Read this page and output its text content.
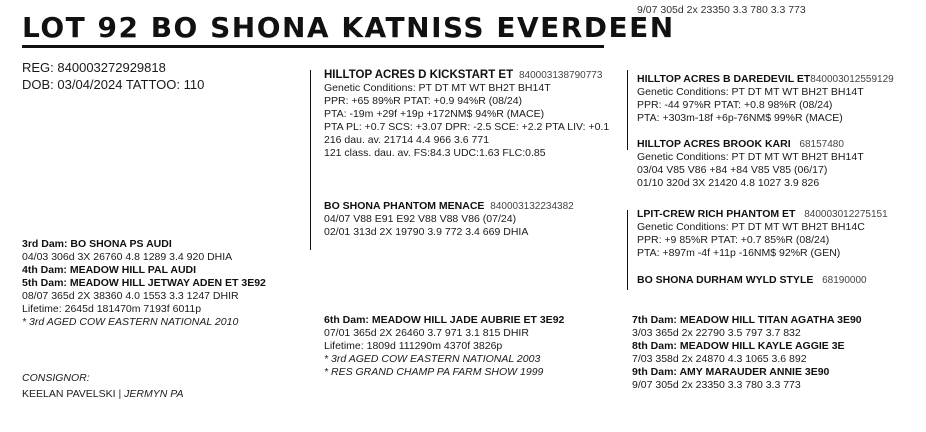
9/07 305d 2x 23350 3.3 780 3.3 773
LOT 92 BO SHONA KATNISS EVERDEEN
REG: 840003272929818
DOB: 03/04/2024 TATTOO: 110
HILLTOP ACRES D KICKSTART ET 840003138790773
Genetic Conditions: PT DT MT WT BH2T BH14T
PPR: +65 89%R PTAT: +0.9 94%R (08/24)
PTA: -19m +29f +19p +172NM$ 94%R (MACE)
PTA PL: +0.7 SCS: +3.07 DPR: -2.5 SCE: +2.2 PTA LIV: +0.1
216 dau. av. 21714 4.4 966 3.6 771
121 class. dau. av. FS:84.3 UDC:1.63 FLC:0.85
BO SHONA PHANTOM MENACE 840003132234382
04/07 V88 E91 E92 V88 V88 V86 (07/24)
02/01 313d 2X 19790 3.9 772 3.4 669 DHIA
HILLTOP ACRES B DAREDEVIL ET840003012559129
Genetic Conditions: PT DT MT WT BH2T BH14T
PPR: -44 97%R PTAT: +0.8 98%R (08/24)
PTA: +303m-18f +6p-76NM$ 99%R (MACE)
HILLTOP ACRES BROOK KARI 68157480
Genetic Conditions: PT DT MT WT BH2T BH14T
03/04 V85 V86 +84 +84 V85 V85 (06/17)
01/10 320d 3X 21420 4.8 1027 3.9 826
LPIT-CREW RICH PHANTOM ET 840003012275151
Genetic Conditions: PT DT MT WT BH2T BH14C
PPR: +9 85%R PTAT: +0.7 85%R (08/24)
PTA: +897m -4f +11p -16NM$ 92%R (GEN)
BO SHONA DURHAM WYLD STYLE 68190000
3rd Dam: BO SHONA PS AUDI
04/03 306d 3X 26760 4.8 1289 3.4 920 DHIA
4th Dam: MEADOW HILL PAL AUDI
5th Dam: MEADOW HILL JETWAY ADEN ET 3E92
08/07 365d 2X 38360 4.0 1553 3.3 1247 DHIR
Lifetime: 2645d 181470m 7193f 6011p
* 3rd AGED COW EASTERN NATIONAL 2010
CONSIGNOR:
KEELAN PAVELSKI | JERMYN PA
6th Dam: MEADOW HILL JADE AUBRIE ET 3E92
07/01 365d 2X 26460 3.7 971 3.1 815 DHIR
Lifetime: 1809d 111290m 4370f 3826p
* 3rd AGED COW EASTERN NATIONAL 2003
* RES GRAND CHAMP PA FARM SHOW 1999
7th Dam: MEADOW HILL TITAN AGATHA 3E90
3/03 365d 2x 22790 3.5 797 3.7 832
8th Dam: MEADOW HILL KAYLE AGGIE 3E
7/03 358d 2x 24870 4.3 1065 3.6 892
9th Dam: AMY MARAUDER ANNIE 3E90
9/07 305d 2x 23350 3.3 780 3.3 773
